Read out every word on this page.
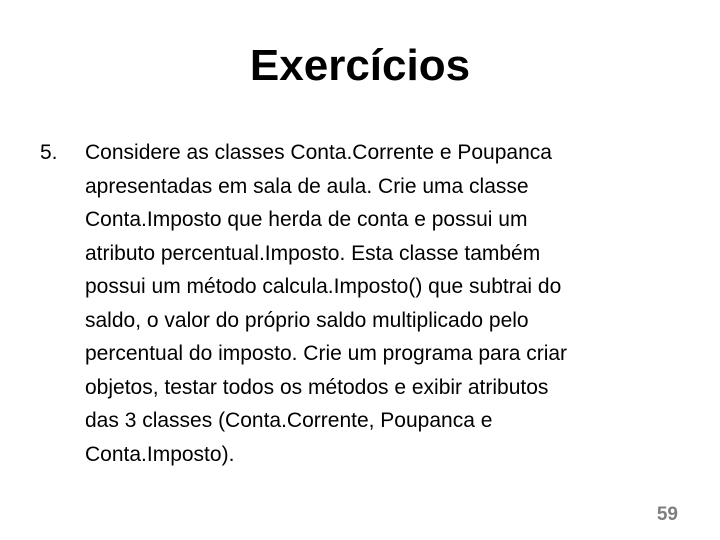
Exercícios
5. Considere as classes Conta.Corrente e Poupanca
apresentadas em sala de aula. Crie uma classe
Conta.Imposto que herda de conta e possui um
atributo percentual.Imposto. Esta classe também
possui um método calcula.Imposto() que subtrai do
saldo, o valor do próprio saldo multiplicado pelo
percentual do imposto. Crie um programa para criar
objetos, testar todos os métodos e exibir atributos
das 3 classes (Conta.Corrente, Poupanca e
Conta.Imposto).

59
